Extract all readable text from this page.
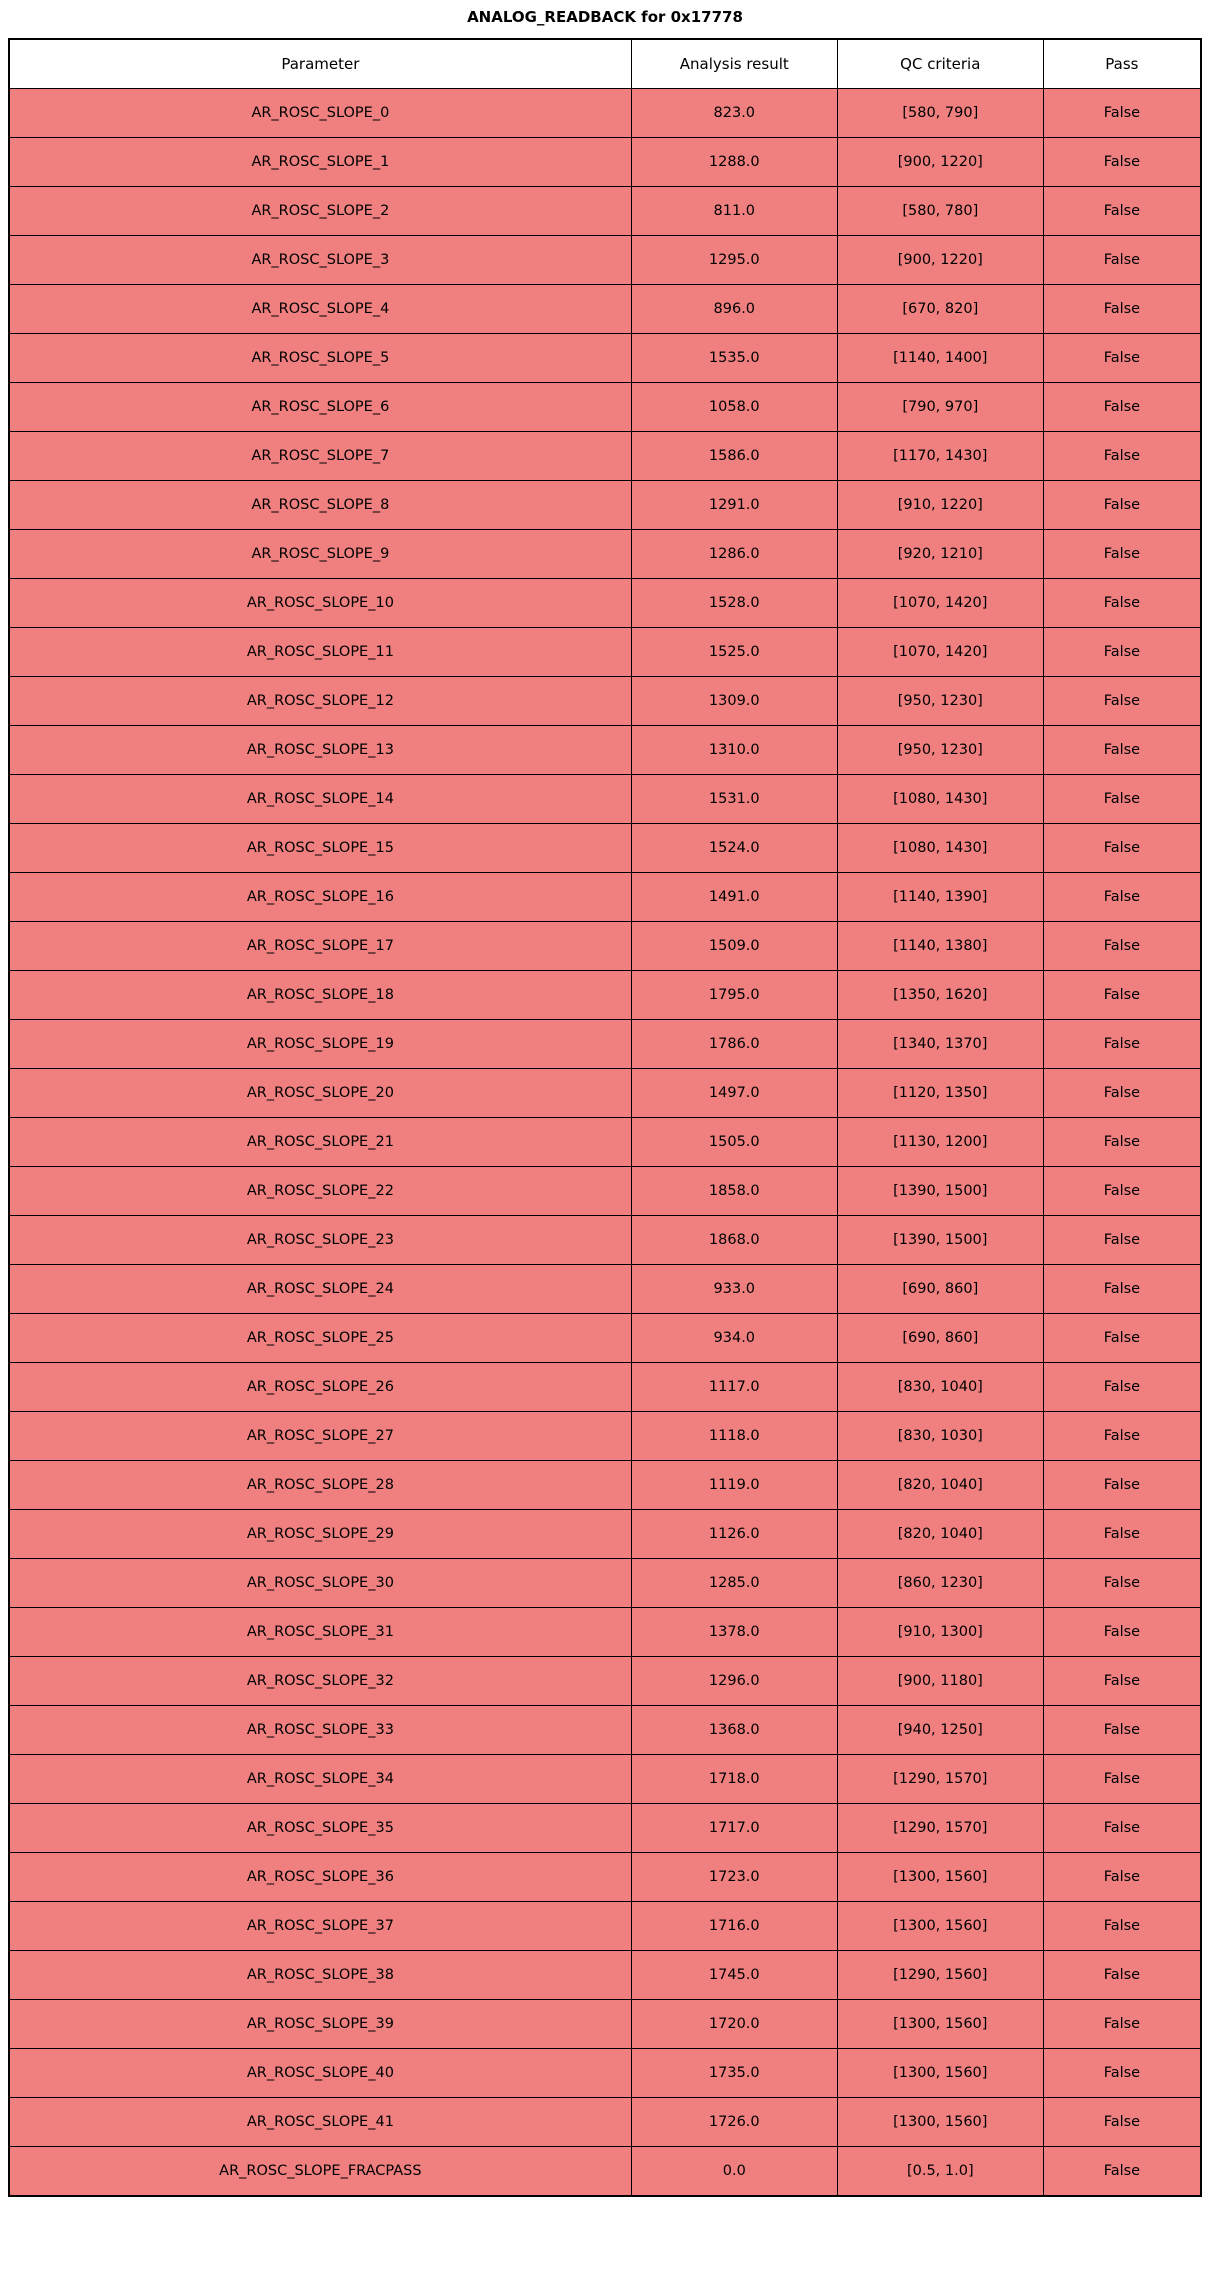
ANALOG_READBACK for 0x17778
Parameter	Analysis result	QC criteria	Pass
AR_ROSC_SLOPE_0	823.0	[580, 790]	False
AR_ROSC_SLOPE_1	1288.0	[900, 1220]	False
AR_ROSC_SLOPE_2	811.0	[580, 780]	False
AR_ROSC_SLOPE_3	1295.0	[900, 1220]	False
AR_ROSC_SLOPE_4	896.0	[670, 820]	False
AR_ROSC_SLOPE_5	1535.0	[1140, 1400]	False
AR_ROSC_SLOPE_6	1058.0	[790, 970]	False
AR_ROSC_SLOPE_7	1586.0	[1170, 1430]	False
AR_ROSC_SLOPE_8	1291.0	[910, 1220]	False
AR_ROSC_SLOPE_9	1286.0	[920, 1210]	False
AR_ROSC_SLOPE_10	1528.0	[1070, 1420]	False
AR_ROSC_SLOPE_11	1525.0	[1070, 1420]	False
AR_ROSC_SLOPE_12	1309.0	[950, 1230]	False
AR_ROSC_SLOPE_13	1310.0	[950, 1230]	False
AR_ROSC_SLOPE_14	1531.0	[1080, 1430]	False
AR_ROSC_SLOPE_15	1524.0	[1080, 1430]	False
AR_ROSC_SLOPE_16	1491.0	[1140, 1390]	False
AR_ROSC_SLOPE_17	1509.0	[1140, 1380]	False
AR_ROSC_SLOPE_18	1795.0	[1350, 1620]	False
AR_ROSC_SLOPE_19	1786.0	[1340, 1370]	False
AR_ROSC_SLOPE_20	1497.0	[1120, 1350]	False
AR_ROSC_SLOPE_21	1505.0	[1130, 1200]	False
AR_ROSC_SLOPE_22	1858.0	[1390, 1500]	False
AR_ROSC_SLOPE_23	1868.0	[1390, 1500]	False
AR_ROSC_SLOPE_24	933.0	[690, 860]	False
AR_ROSC_SLOPE_25	934.0	[690, 860]	False
AR_ROSC_SLOPE_26	1117.0	[830, 1040]	False
AR_ROSC_SLOPE_27	1118.0	[830, 1030]	False
AR_ROSC_SLOPE_28	1119.0	[820, 1040]	False
AR_ROSC_SLOPE_29	1126.0	[820, 1040]	False
AR_ROSC_SLOPE_30	1285.0	[860, 1230]	False
AR_ROSC_SLOPE_31	1378.0	[910, 1300]	False
AR_ROSC_SLOPE_32	1296.0	[900, 1180]	False
AR_ROSC_SLOPE_33	1368.0	[940, 1250]	False
AR_ROSC_SLOPE_34	1718.0	[1290, 1570]	False
AR_ROSC_SLOPE_35	1717.0	[1290, 1570]	False
AR_ROSC_SLOPE_36	1723.0	[1300, 1560]	False
AR_ROSC_SLOPE_37	1716.0	[1300, 1560]	False
AR_ROSC_SLOPE_38	1745.0	[1290, 1560]	False
AR_ROSC_SLOPE_39	1720.0	[1300, 1560]	False
AR_ROSC_SLOPE_40	1735.0	[1300, 1560]	False
AR_ROSC_SLOPE_41	1726.0	[1300, 1560]	False
AR_ROSC_SLOPE_FRACPASS	0.0	[0.5, 1.0]	False
